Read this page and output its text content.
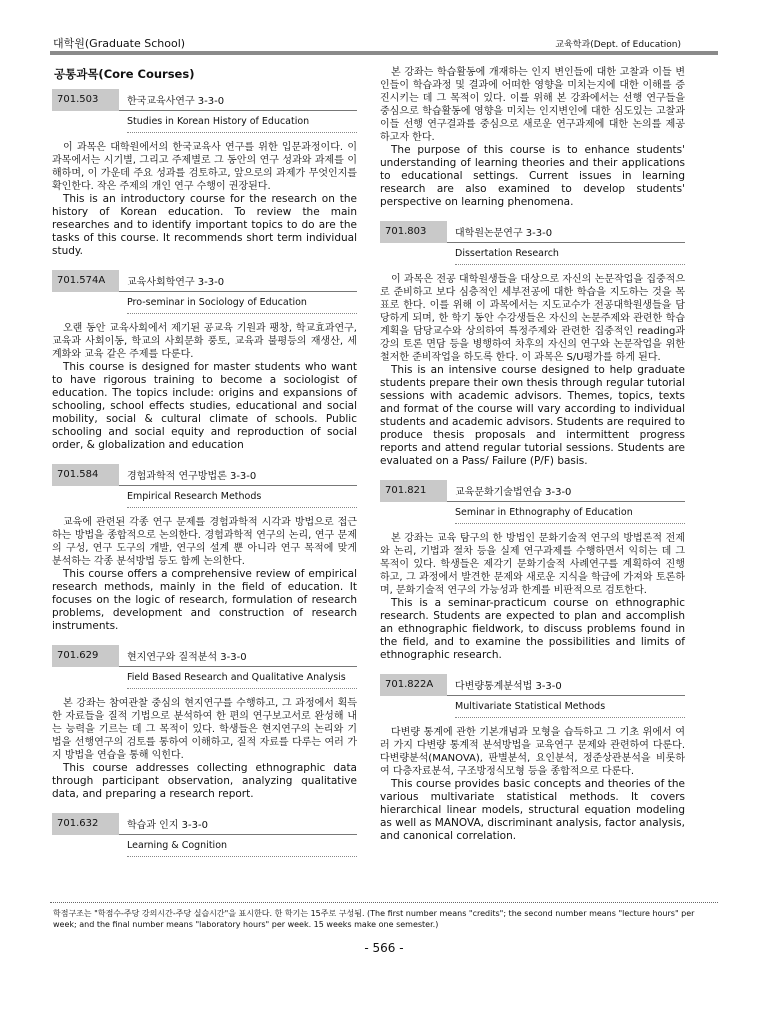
대학원(Graduate School)	교육학과(Dept. of Education)
공통과목(Core Courses)
701.503	한국교육사연구 3-3-0
Studies in Korean History of Education

이 과목은 대학원에서의 한국교육사 연구를 위한 입문과정이다. 이 과목에서는 시기별, 그리고 주제별로 그 동안의 연구 성과와 과제를 이해하며, 이 가운데 주요 성과를 검토하고, 앞으로의 과제가 무엇인지를 확인한다. 작은 주제의 개인 연구 수행이 권장된다.

This is an introductory course for the research on the history of Korean education. To review the main researches and to identify important topics to do are the tasks of this course. It recommends short term individual study.

701.574A	교육사회학연구 3-3-0
Pro-seminar in Sociology of Education

오랜 동안 교육사회에서 제기된 공교육 기원과 팽창, 학교효과연구, 교육과 사회이동, 학교의 사회문화 풍토, 교육과 불평등의 재생산, 세계화와 교육 같은 주제를 다룬다.

This course is designed for master students who want to have rigorous training to become a sociologist of education. The topics include: origins and expansions of schooling, school effects studies, educational and social mobility, social & cultural climate of schools. Public schooling and social equity and reproduction of social order, & globalization and education

701.584	경험과학적 연구방법론 3-3-0
Empirical Research Methods

교육에 관련된 각종 연구 문제를 경험과학적 시각과 방법으로 접근하는 방법을 종합적으로 논의한다. 경험과학적 연구의 논리, 연구 문제의 구성, 연구 도구의 개발, 연구의 설계 뿐 아니라 연구 목적에 맞게 분석하는 각종 분석방법 등도 함께 논의한다.

This course offers a comprehensive review of empirical research methods, mainly in the field of education. It focuses on the logic of research, formulation of research problems, development and construction of research instruments.

701.629	현지연구와 질적분석 3-3-0
Field Based Research and Qualitative Analysis

본 강좌는 참여관찰 중심의 현지연구를 수행하고, 그 과정에서 획득한 자료들을 질적 기법으로 분석하여 한 편의 연구보고서로 완성해 내는 능력을 기르는 데 그 목적이 있다. 학생들은 현지연구의 논리와 기법을 선행연구의 검토를 통하여 이해하고, 질적 자료를 다루는 여러 가지 방법을 연습을 통해 익힌다.

This course addresses collecting ethnographic data through participant observation, analyzing qualitative data, and preparing a research report.

701.632	학습과 인지 3-3-0
Learning & Cognition

본 강좌는 학습활동에 개재하는 인지 변인들에 대한 고찰과 이들 변인들이 학습과정 및 결과에 어떠한 영향을 미치는지에 대한 이해를 증진시키는 데 그 목적이 있다. 이를 위해 본 강좌에서는 선행 연구들을 중심으로 학습활동에 영향을 미치는 인지변인에 대한 심도있는 고찰과 이들 선행 연구결과를 중심으로 새로운 연구과제에 대한 논의를 제공하고자 한다.

The purpose of this course is to enhance students' understanding of learning theories and their applications to educational settings. Current issues in learning research are also examined to develop students' perspective on learning phenomena.

701.803	대학원논문연구 3-3-0
Dissertation Research

이 과목은 전공 대학원생들을 대상으로 자신의 논문작업을 집중적으로 준비하고 보다 심층적인 세부전공에 대한 학습을 지도하는 것을 목표로 한다. 이를 위해 이 과목에서는 지도교수가 전공대학원생들을 담당하게 되며, 한 학기 동안 수강생들은 자신의 논문주제와 관련한 학습계획을 담당교수와 상의하여 특정주제와 관련한 집중적인 reading과 강의 토론 면담 등을 병행하여 차후의 자신의 연구와 논문작업을 위한 철저한 준비작업을 하도록 한다. 이 과목은 S/U평가를 하게 된다.

This is an intensive course designed to help graduate students prepare their own thesis through regular tutorial sessions with academic advisors. Themes, topics, texts and format of the course will vary according to individual students and academic advisors. Students are required to produce thesis proposals and intermittent progress reports and attend regular tutorial sessions. Students are evaluated on a Pass/ Failure (P/F) basis.

701.821	교육문화기술법연습 3-3-0
Seminar in Ethnography of Education

본 강좌는 교육 탐구의 한 방법인 문화기술적 연구의 방법론적 전제와 논리, 기법과 절차 등을 실제 연구과제를 수행하면서 익히는 데 그 목적이 있다. 학생들은 제각기 문화기술적 사례연구를 계획하여 진행하고, 그 과정에서 발견한 문제와 새로운 지식을 학급에 가져와 토론하며, 문화기술적 연구의 가능성과 한계를 비판적으로 검토한다.

This is a seminar-practicum course on ethnographic research. Students are expected to plan and accomplish an ethnographic fieldwork, to discuss problems found in the field, and to examine the possibilities and limits of ethnographic research.

701.822A	다변량통계분석법 3-3-0
Multivariate Statistical Methods

다변량 통계에 관한 기본개념과 모형을 습득하고 그 기초 위에서 여러 가지 다변량 통계적 분석방법을 교육연구 문제와 관련하여 다룬다. 다변량분석(MANOVA), 판별분석, 요인분석, 정준상관분석을 비롯하여 다층자료분석, 구조방정식모형 등을 종합적으로 다룬다.

This course provides basic concepts and theories of the various multivariate statistical methods. It covers hierarchical linear models, structural equation modeling as well as MANOVA, discriminant analysis, factor analysis, and canonical correlation.

학점구조는 "학점수-주당 강의시간-주당 실습시간"을 표시한다. 한 학기는 15주로 구성됨. (The first number means "credits"; the second number means "lecture hours" per week; and the final number means "laboratory hours" per week. 15 weeks make one semester.)
- 566 -
